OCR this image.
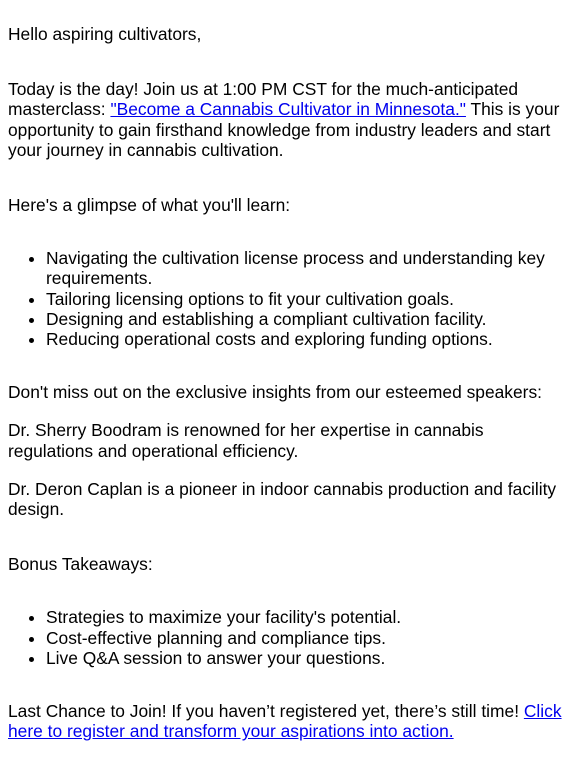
Hello aspiring cultivators,

Today is the day! Join us at 1:00 PM CST for the much-anticipated masterclass: "Become a Cannabis Cultivator in Minnesota." This is your opportunity to gain firsthand knowledge from industry leaders and start your journey in cannabis cultivation.

Here's a glimpse of what you'll learn:

• Navigating the cultivation license process and understanding key requirements.
• Tailoring licensing options to fit your cultivation goals.
• Designing and establishing a compliant cultivation facility.
• Reducing operational costs and exploring funding options.

Don't miss out on the exclusive insights from our esteemed speakers:

Dr. Sherry Boodram is renowned for her expertise in cannabis regulations and operational efficiency.

Dr. Deron Caplan is a pioneer in indoor cannabis production and facility design.

Bonus Takeaways:

• Strategies to maximize your facility's potential.
• Cost-effective planning and compliance tips.
• Live Q&A session to answer your questions.

Last Chance to Join! If you haven’t registered yet, there’s still time! Click here to register and transform your aspirations into action.
